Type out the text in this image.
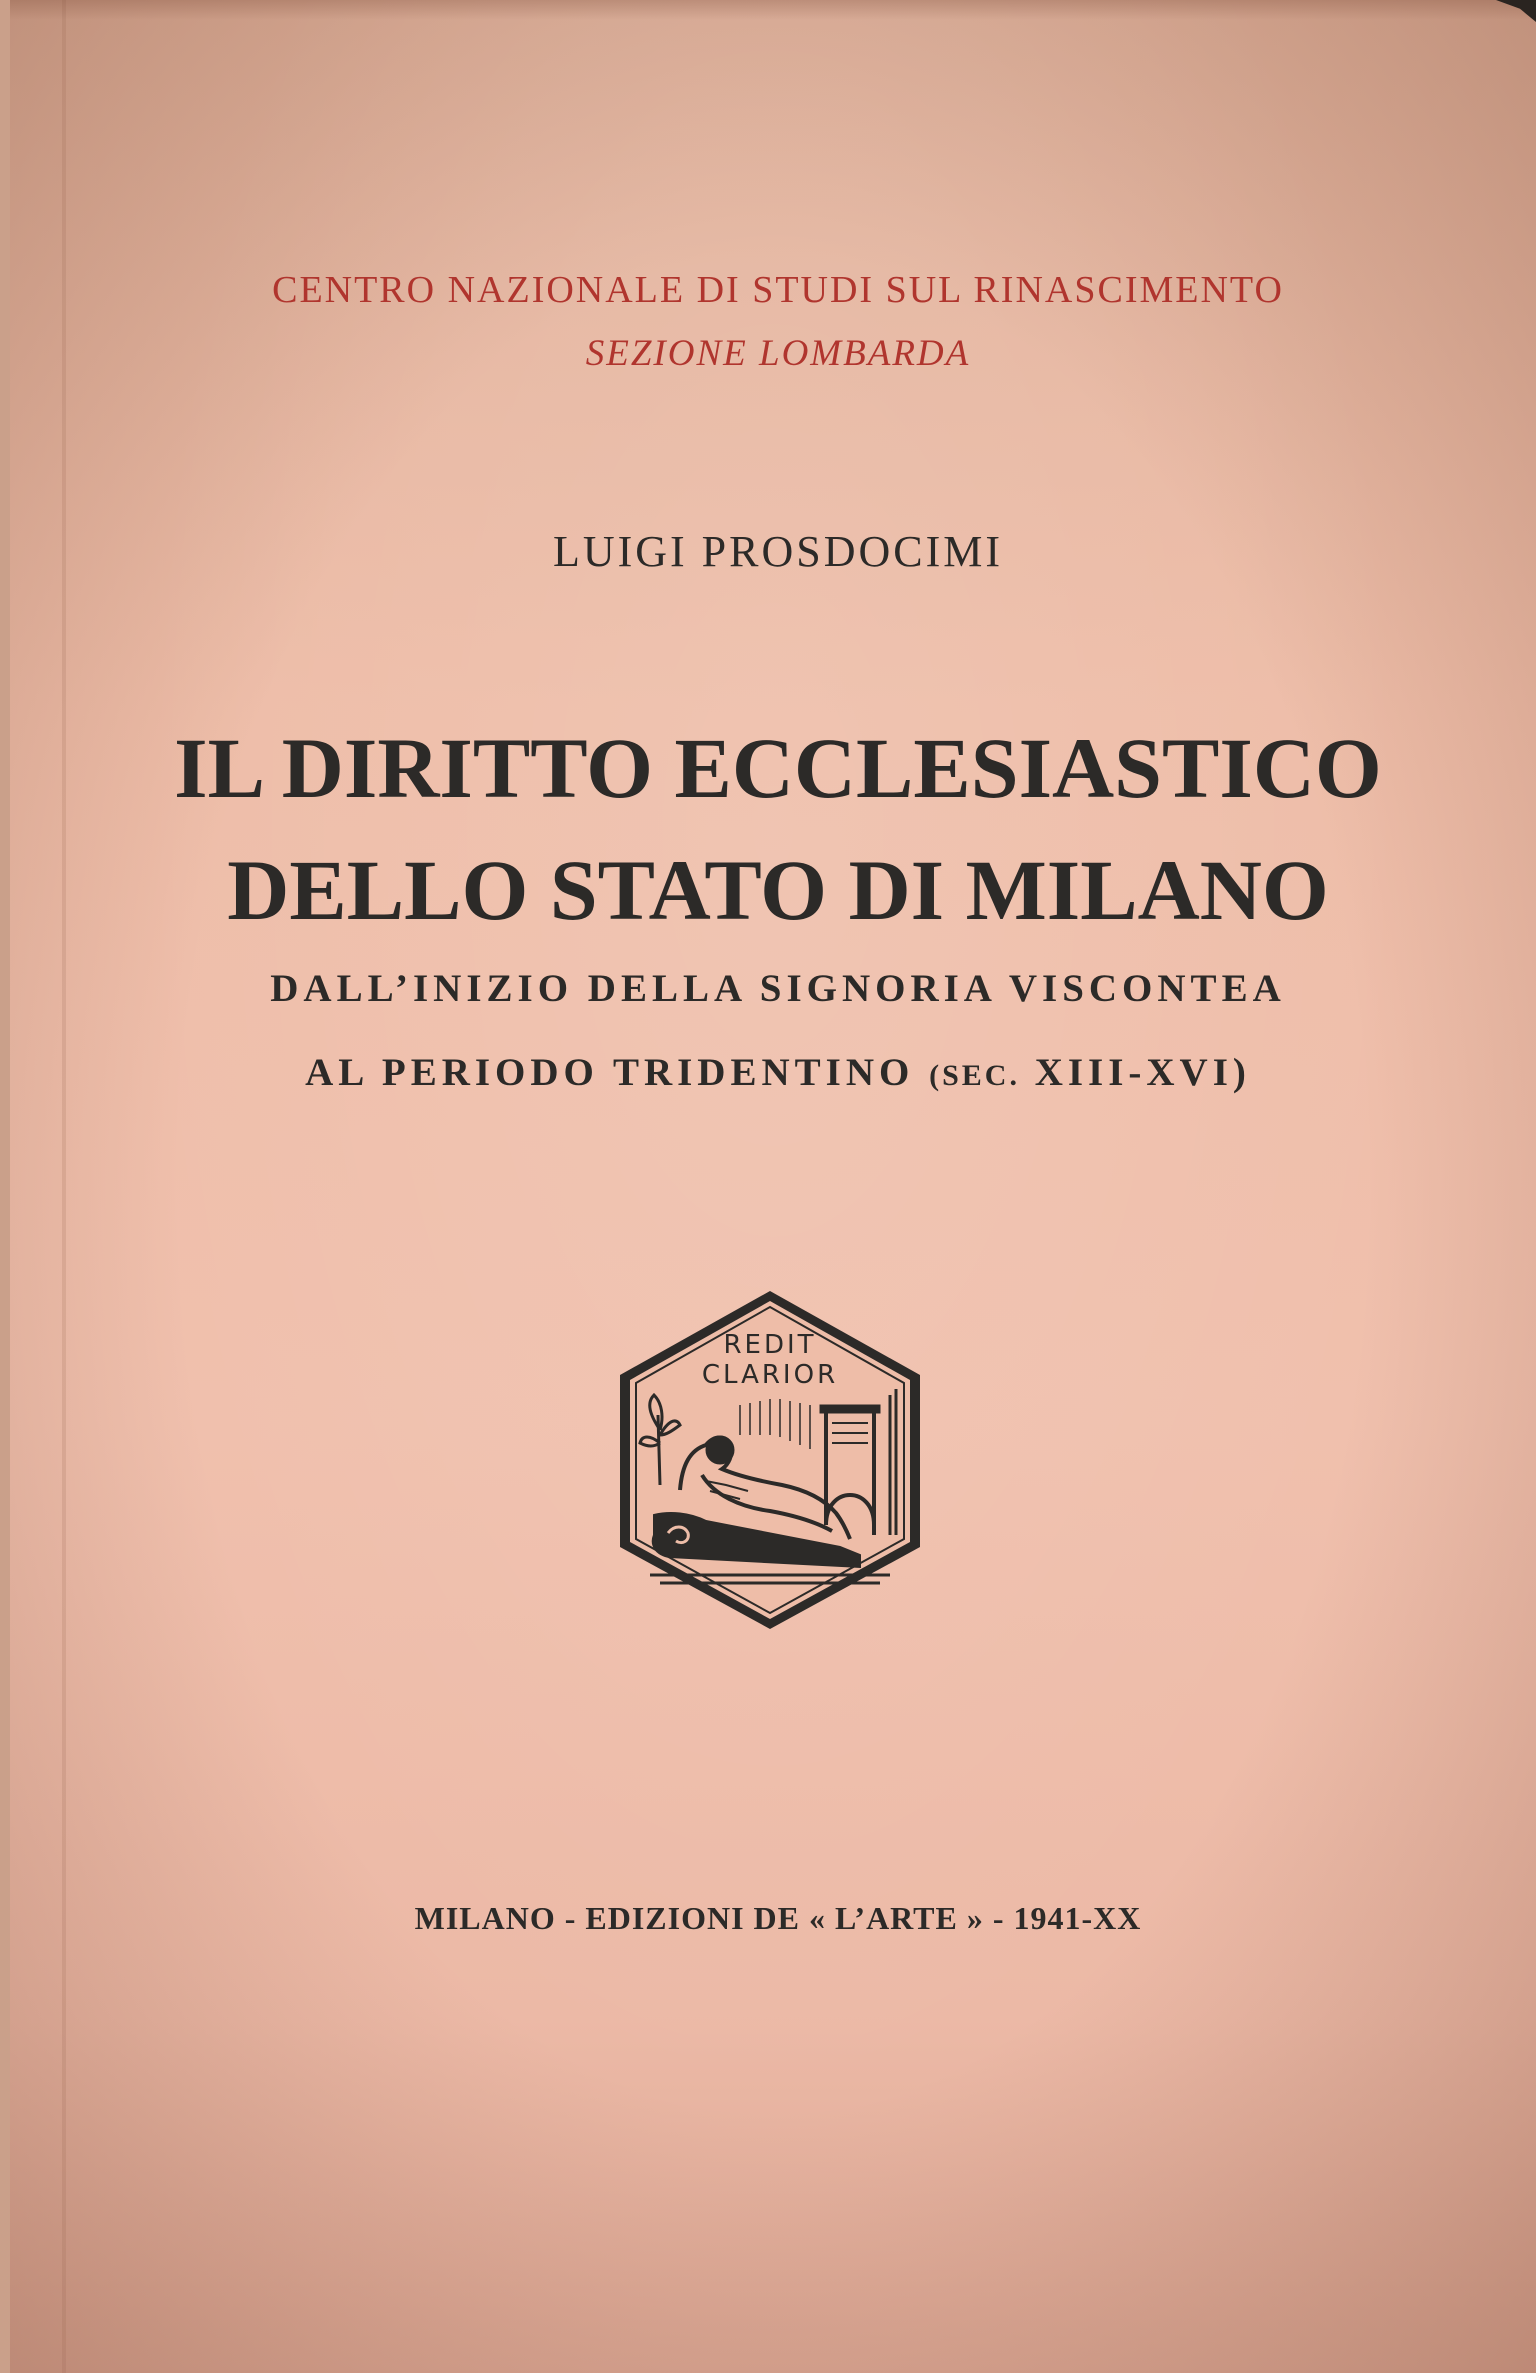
CENTRO NAZIONALE DI STUDI SUL RINASCIMENTO
SEZIONE LOMBARDA
LUIGI PROSDOCIMI
IL DIRITTO ECCLESIASTICO
DELLO STATO DI MILANO
DALL’INIZIO DELLA SIGNORIA VISCONTEA
AL PERIODO TRIDENTINO (SEC. XIII-XVI)
REDIT
CLARIOR
MILANO - EDIZIONI DE « L’ARTE » - 1941-XX
